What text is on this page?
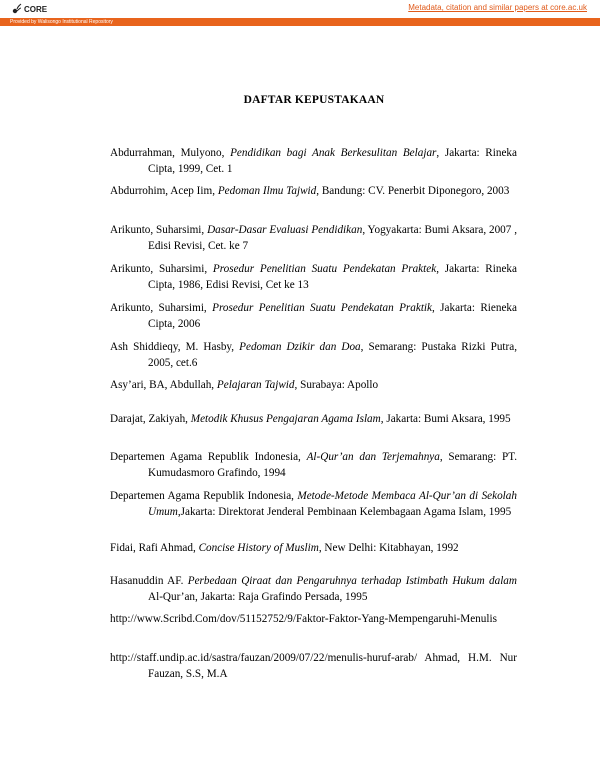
CORE	Metadata, citation and similar papers at core.ac.uk
Provided by Walisongo Institutional Repository
DAFTAR KEPUSTAKAAN
Abdurrahman, Mulyono, Pendidikan bagi Anak Berkesulitan Belajar, Jakarta: Rineka Cipta, 1999, Cet. 1
Abdurrohim, Acep Iim, Pedoman Ilmu Tajwid, Bandung: CV. Penerbit Diponegoro, 2003
Arikunto, Suharsimi, Dasar-Dasar Evaluasi Pendidikan, Yogyakarta: Bumi Aksara, 2007 , Edisi Revisi, Cet. ke 7
Arikunto, Suharsimi, Prosedur Penelitian Suatu Pendekatan Praktek, Jakarta: Rineka Cipta, 1986, Edisi Revisi, Cet ke 13
Arikunto, Suharsimi, Prosedur Penelitian Suatu Pendekatan Praktik, Jakarta: Rieneka Cipta, 2006
Ash Shiddieqy, M. Hasby, Pedoman Dzikir dan Doa, Semarang: Pustaka Rizki Putra, 2005, cet.6
Asy’ari, BA, Abdullah, Pelajaran Tajwid, Surabaya: Apollo
Darajat, Zakiyah, Metodik Khusus Pengajaran Agama Islam, Jakarta: Bumi Aksara, 1995
Departemen Agama Republik Indonesia, Al-Qur’an dan Terjemahnya, Semarang: PT. Kumudasmoro Grafindo, 1994
Departemen Agama Republik Indonesia, Metode-Metode Membaca Al-Qur’an di Sekolah Umum,Jakarta: Direktorat Jenderal Pembinaan Kelembagaan Agama Islam, 1995
Fidai, Rafi Ahmad, Concise History of Muslim, New Delhi: Kitabhayan, 1992
Hasanuddin AF. Perbedaan Qiraat dan Pengaruhnya terhadap Istimbath Hukum dalam Al-Qur’an, Jakarta: Raja Grafindo Persada, 1995
http://www.Scribd.Com/dov/51152752/9/Faktor-Faktor-Yang-Mempengaruhi-Menulis
http://staff.undip.ac.id/sastra/fauzan/2009/07/22/menulis-huruf-arab/ Ahmad, H.M. Nur Fauzan, S.S, M.A
